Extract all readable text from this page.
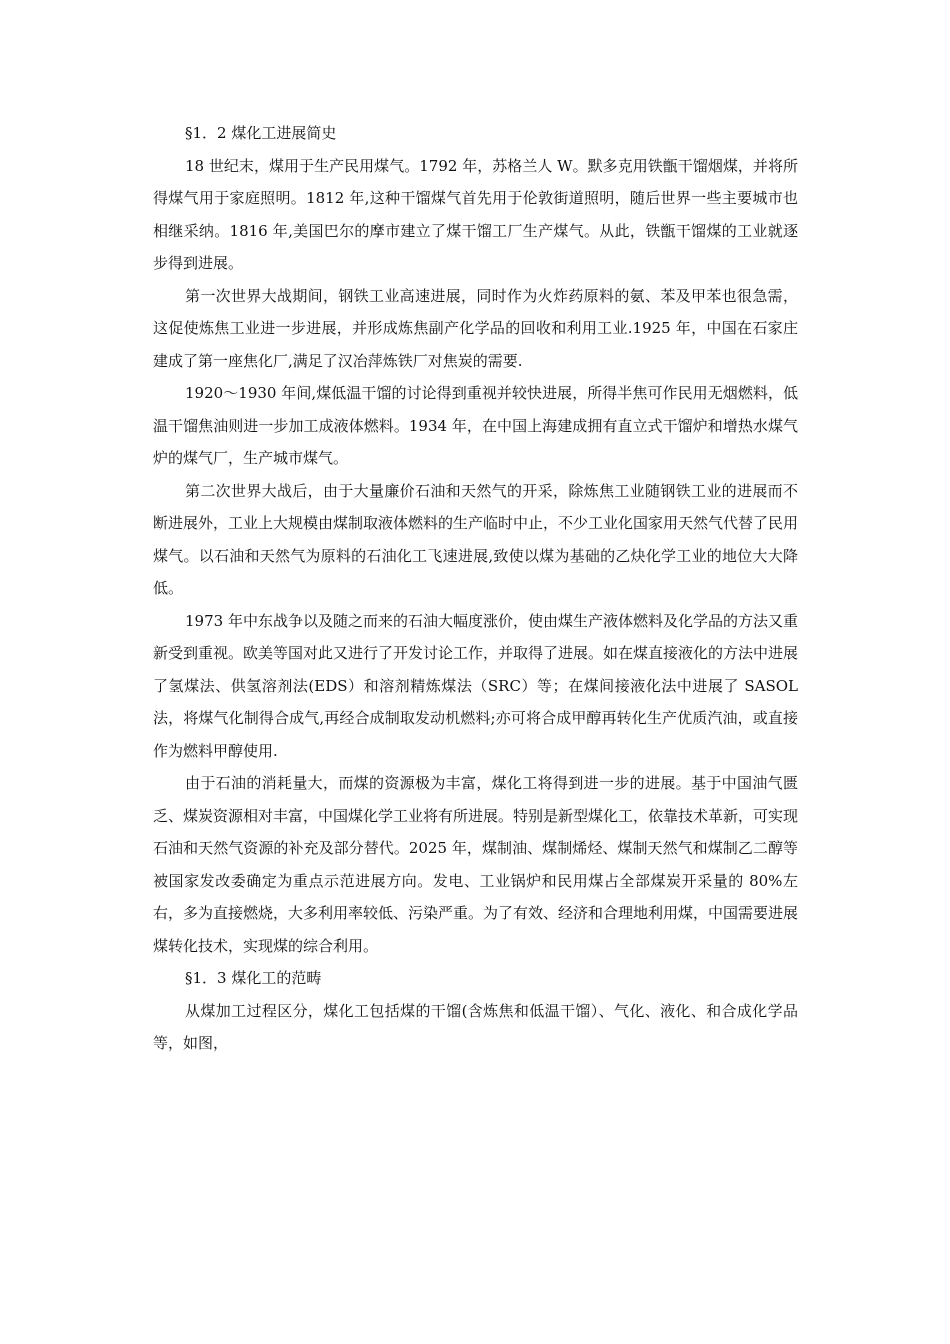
§1．2 煤化工进展简史

18 世纪末，煤用于生产民用煤气。1792 年，苏格兰人 W。默多克用铁甑干馏烟煤，并将所得煤气用于家庭照明。1812 年,这种干馏煤气首先用于伦敦街道照明，随后世界一些主要城市也相继采纳。1816 年,美国巴尔的摩市建立了煤干馏工厂生产煤气。从此，铁甑干馏煤的工业就逐步得到进展。

第一次世界大战期间，钢铁工业高速进展，同时作为火炸药原料的氨、苯及甲苯也很急需，这促使炼焦工业进一步进展，并形成炼焦副产化学品的回收和利用工业.1925 年，中国在石家庄建成了第一座焦化厂,满足了汉冶萍炼铁厂对焦炭的需要.

1920～1930 年间,煤低温干馏的讨论得到重视并较快进展，所得半焦可作民用无烟燃料，低温干馏焦油则进一步加工成液体燃料。1934 年，在中国上海建成拥有直立式干馏炉和增热水煤气炉的煤气厂，生产城市煤气。

第二次世界大战后，由于大量廉价石油和天然气的开采，除炼焦工业随钢铁工业的进展而不断进展外，工业上大规模由煤制取液体燃料的生产临时中止，不少工业化国家用天然气代替了民用煤气。以石油和天然气为原料的石油化工飞速进展,致使以煤为基础的乙炔化学工业的地位大大降低。

1973 年中东战争以及随之而来的石油大幅度涨价，使由煤生产液体燃料及化学品的方法又重新受到重视。欧美等国对此又进行了开发讨论工作，并取得了进展。如在煤直接液化的方法中进展了氢煤法、供氢溶剂法(EDS）和溶剂精炼煤法（SRC）等；在煤间接液化法中进展了 SASOL 法，将煤气化制得合成气,再经合成制取发动机燃料;亦可将合成甲醇再转化生产优质汽油，或直接作为燃料甲醇使用.

由于石油的消耗量大，而煤的资源极为丰富，煤化工将得到进一步的进展。基于中国油气匮乏、煤炭资源相对丰富，中国煤化学工业将有所进展。特别是新型煤化工，依靠技术革新，可实现石油和天然气资源的补充及部分替代。2025 年，煤制油、煤制烯烃、煤制天然气和煤制乙二醇等被国家发改委确定为重点示范进展方向。发电、工业锅炉和民用煤占全部煤炭开采量的 80%左右，多为直接燃烧，大多利用率较低、污染严重。为了有效、经济和合理地利用煤，中国需要进展煤转化技术，实现煤的综合利用。

§1．3 煤化工的范畴

从煤加工过程区分，煤化工包括煤的干馏(含炼焦和低温干馏）、气化、液化、和合成化学品等，如图，
